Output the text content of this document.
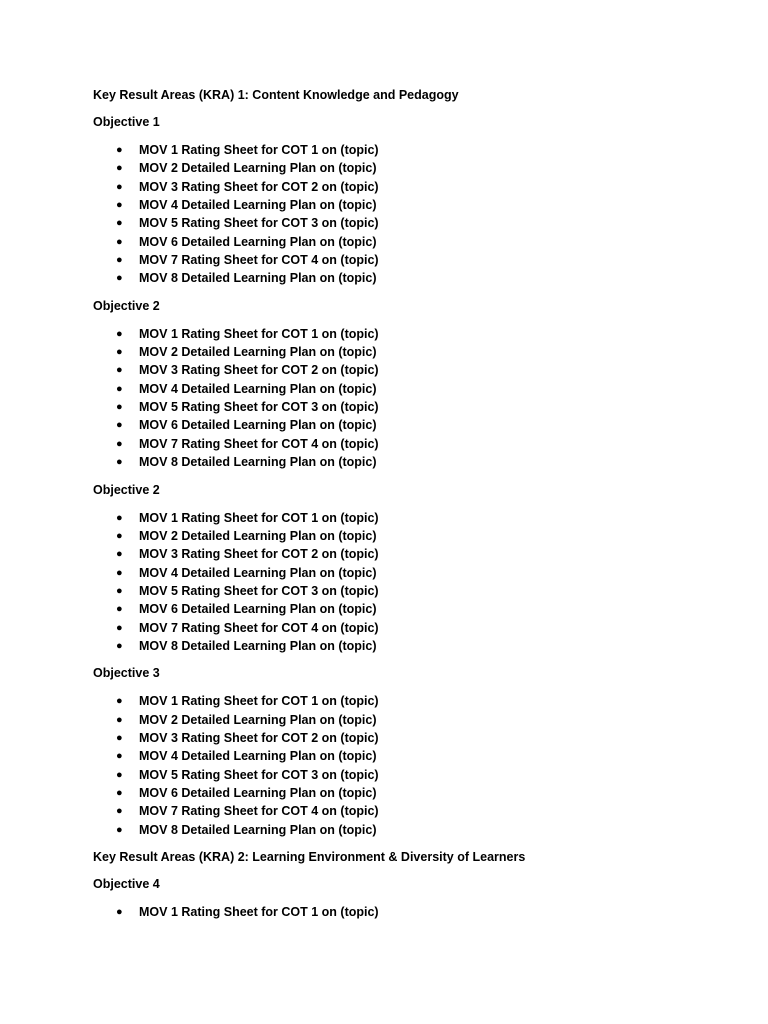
Key Result Areas (KRA) 1: Content Knowledge and Pedagogy
Objective 1
● MOV 1 Rating Sheet for COT 1 on (topic)
● MOV 2 Detailed Learning Plan on (topic)
● MOV 3 Rating Sheet for COT 2 on (topic)
● MOV 4 Detailed Learning Plan on (topic)
● MOV 5 Rating Sheet for COT 3 on (topic)
● MOV 6 Detailed Learning Plan on (topic)
● MOV 7 Rating Sheet for COT 4 on (topic)
● MOV 8 Detailed Learning Plan on (topic)
Objective 2
● MOV 1 Rating Sheet for COT 1 on (topic)
● MOV 2 Detailed Learning Plan on (topic)
● MOV 3 Rating Sheet for COT 2 on (topic)
● MOV 4 Detailed Learning Plan on (topic)
● MOV 5 Rating Sheet for COT 3 on (topic)
● MOV 6 Detailed Learning Plan on (topic)
● MOV 7 Rating Sheet for COT 4 on (topic)
● MOV 8 Detailed Learning Plan on (topic)
Objective 2
● MOV 1 Rating Sheet for COT 1 on (topic)
● MOV 2 Detailed Learning Plan on (topic)
● MOV 3 Rating Sheet for COT 2 on (topic)
● MOV 4 Detailed Learning Plan on (topic)
● MOV 5 Rating Sheet for COT 3 on (topic)
● MOV 6 Detailed Learning Plan on (topic)
● MOV 7 Rating Sheet for COT 4 on (topic)
● MOV 8 Detailed Learning Plan on (topic)
Objective 3
● MOV 1 Rating Sheet for COT 1 on (topic)
● MOV 2 Detailed Learning Plan on (topic)
● MOV 3 Rating Sheet for COT 2 on (topic)
● MOV 4 Detailed Learning Plan on (topic)
● MOV 5 Rating Sheet for COT 3 on (topic)
● MOV 6 Detailed Learning Plan on (topic)
● MOV 7 Rating Sheet for COT 4 on (topic)
● MOV 8 Detailed Learning Plan on (topic)
Key Result Areas (KRA) 2: Learning Environment & Diversity of Learners
Objective 4
● MOV 1 Rating Sheet for COT 1 on (topic)
